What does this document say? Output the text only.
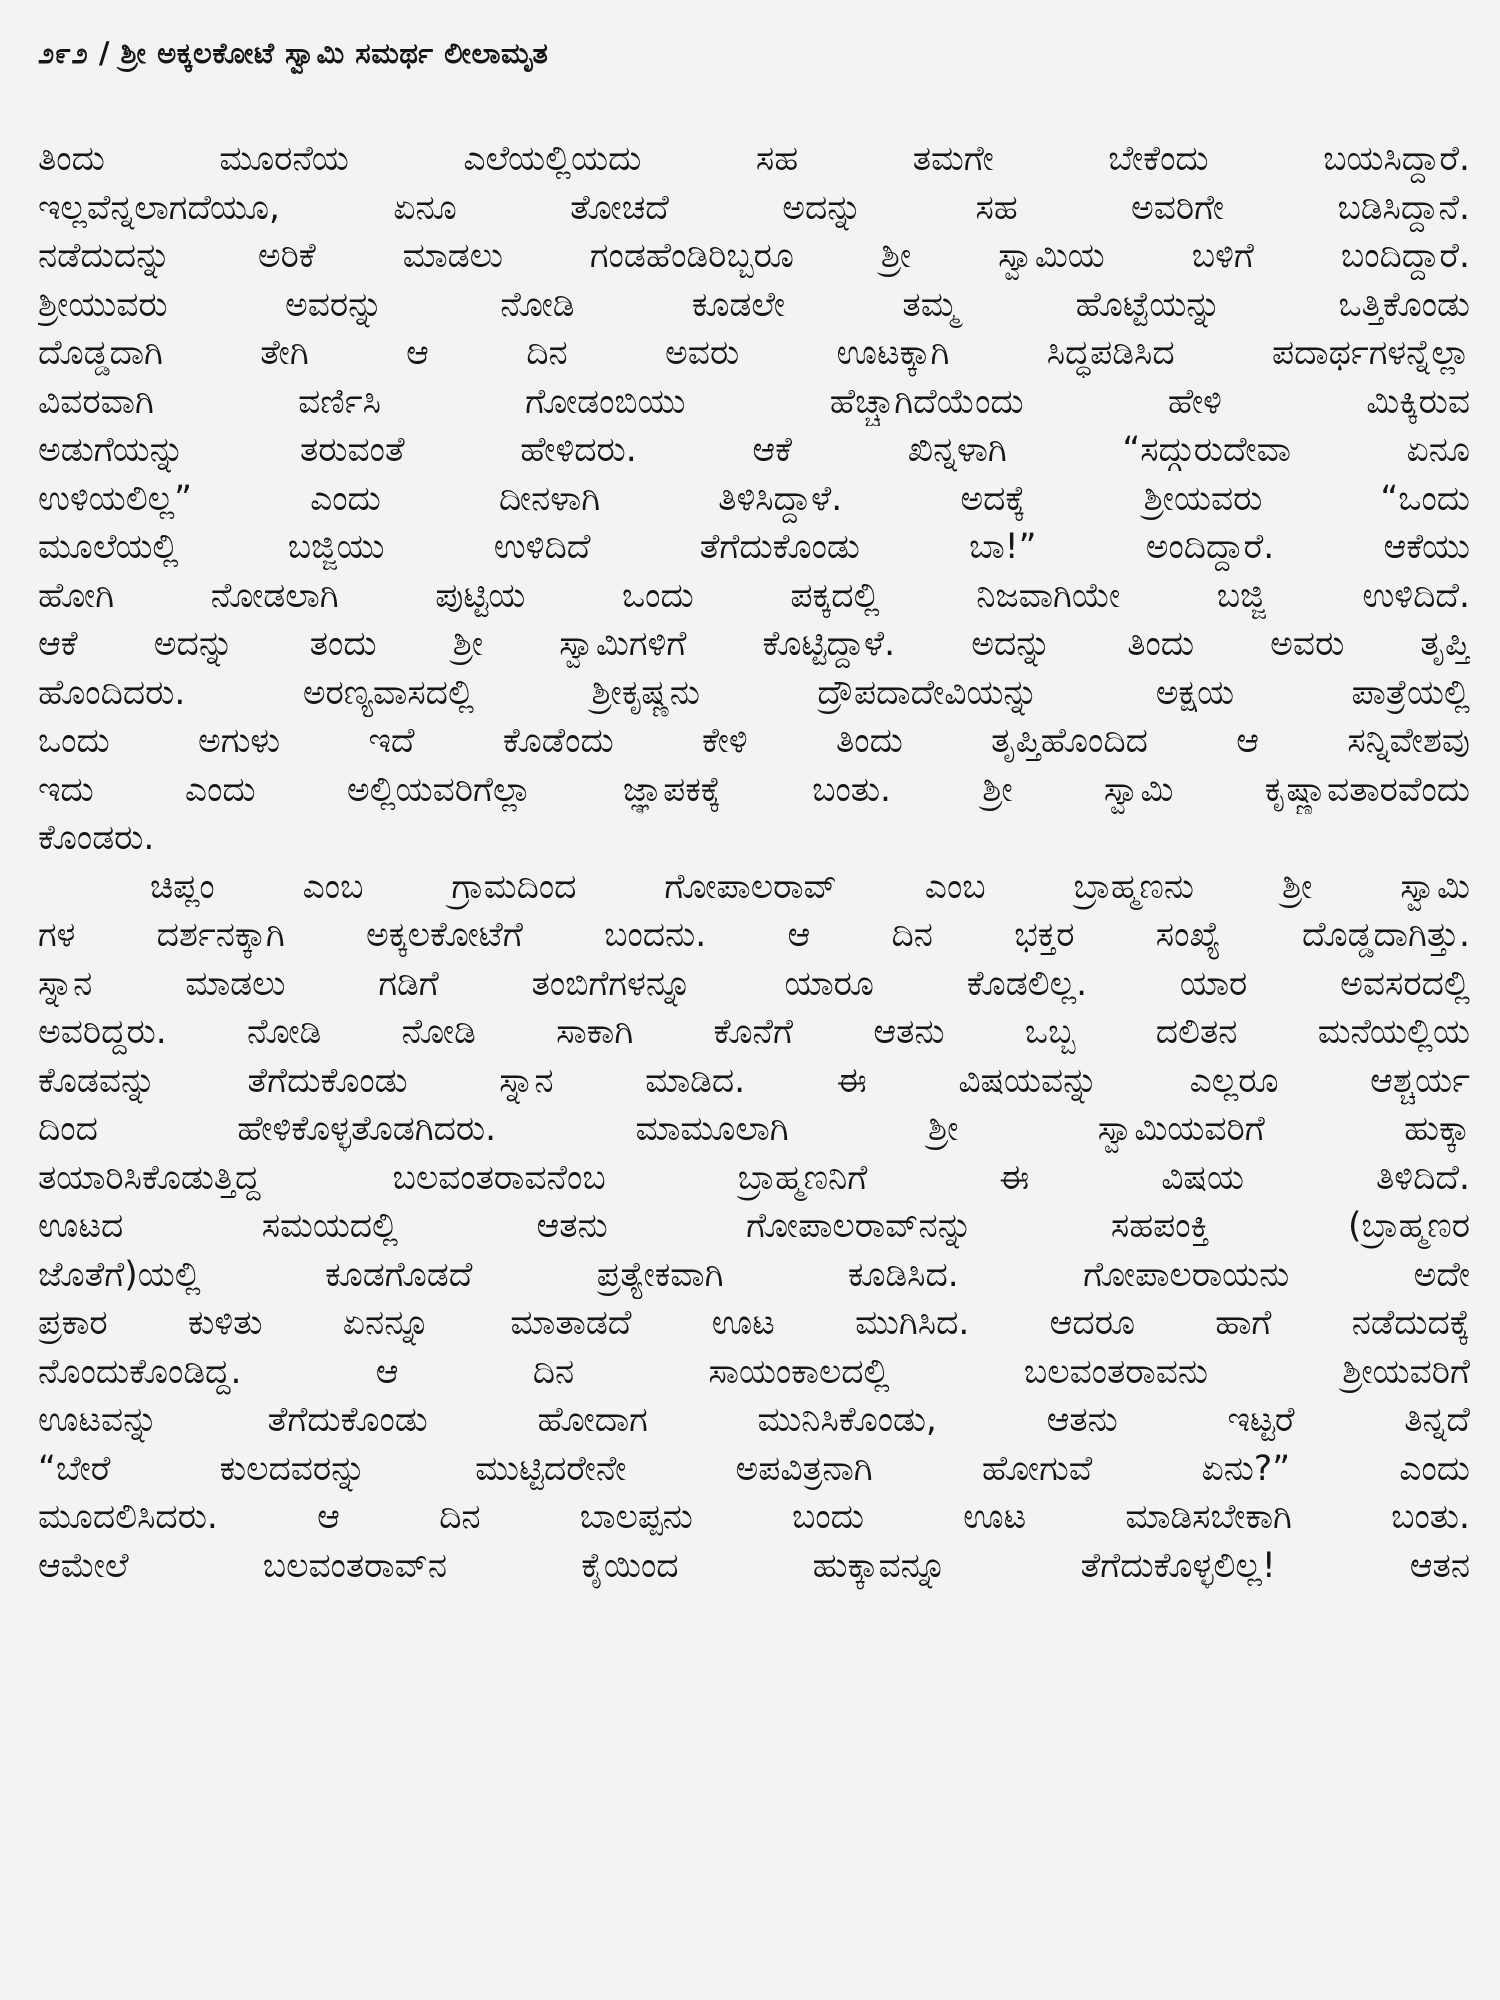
೨೯೨ / ಶ್ರೀ ಅಕ್ಕಲಕೋಟೆ ಸ್ವಾಮಿ ಸಮರ್ಥ ಲೀಲಾಮೃತ

ತಿಂದು ಮೂರನೆಯ ಎಲೆಯಲ್ಲಿಯದು ಸಹ ತಮಗೇ ಬೇಕೆಂದು ಬಯಸಿದ್ದಾರೆ.

ಇಲ್ಲವೆನ್ನಲಾಗದೆಯೂ, ಏನೂ ತೋಚದೆ ಅದನ್ನು ಸಹ ಅವರಿಗೇ ಬಡಿಸಿದ್ದಾನೆ.

ನಡೆದುದನ್ನು ಅರಿಕೆ ಮಾಡಲು ಗಂಡಹೆಂಡಿರಿಬ್ಬರೂ ಶ್ರೀ ಸ್ವಾಮಿಯ ಬಳಿಗೆ ಬಂದಿದ್ದಾರೆ.

ಶ್ರೀಯುವರು ಅವರನ್ನು ನೋಡಿ ಕೂಡಲೇ ತಮ್ಮ ಹೊಟ್ಟೆಯನ್ನು ಒತ್ತಿಕೊಂಡು

ದೊಡ್ಡದಾಗಿ ತೇಗಿ ಆ ದಿನ ಅವರು ಊಟಕ್ಕಾಗಿ ಸಿದ್ಧಪಡಿಸಿದ ಪದಾರ್ಥಗಳನ್ನೆಲ್ಲಾ

ವಿವರವಾಗಿ ವರ್ಣಿಸಿ ಗೋಡಂಬಿಯು ಹೆಚ್ಚಾಗಿದೆಯೆಂದು ಹೇಳಿ ಮಿಕ್ಕಿರುವ

ಅಡುಗೆಯನ್ನು ತರುವಂತೆ ಹೇಳಿದರು. ಆಕೆ ಖಿನ್ನಳಾಗಿ “ಸದ್ಗುರುದೇವಾ ಏನೂ

ಉಳಿಯಲಿಲ್ಲ” ಎಂದು ದೀನಳಾಗಿ ತಿಳಿಸಿದ್ದಾಳೆ. ಅದಕ್ಕೆ ಶ್ರೀಯವರು “ಒಂದು

ಮೂಲೆಯಲ್ಲಿ ಬಜ್ಜಿಯು ಉಳಿದಿದೆ ತೆಗೆದುಕೊಂಡು ಬಾ!” ಅಂದಿದ್ದಾರೆ. ಆಕೆಯು

ಹೋಗಿ ನೋಡಲಾಗಿ ಪುಟ್ಟಿಯ ಒಂದು ಪಕ್ಕದಲ್ಲಿ ನಿಜವಾಗಿಯೇ ಬಜ್ಜಿ ಉಳಿದಿದೆ.

ಆಕೆ ಅದನ್ನು ತಂದು ಶ್ರೀ ಸ್ವಾಮಿಗಳಿಗೆ ಕೊಟ್ಟಿದ್ದಾಳೆ. ಅದನ್ನು ತಿಂದು ಅವರು ತೃಪ್ತಿ

ಹೊಂದಿದರು. ಅರಣ್ಯವಾಸದಲ್ಲಿ ಶ್ರೀಕೃಷ್ಣನು ದ್ರೌಪದಾದೇವಿಯನ್ನು ಅಕ್ಷಯ ಪಾತ್ರೆಯಲ್ಲಿ

ಒಂದು ಅಗುಳು ಇದೆ ಕೊಡೆಂದು ಕೇಳಿ ತಿಂದು ತೃಪ್ತಿಹೊಂದಿದ ಆ ಸನ್ನಿವೇಶವು

ಇದು ಎಂದು ಅಲ್ಲಿಯವರಿಗೆಲ್ಲಾ ಜ್ಞಾಪಕಕ್ಕೆ ಬಂತು. ಶ್ರೀ ಸ್ವಾಮಿ ಕೃಷ್ಣಾವತಾರವೆಂದು

ಕೊಂಡರು.

ಚಿಪ್ಲಂ ಎಂಬ ಗ್ರಾಮದಿಂದ ಗೋಪಾಲರಾವ್ ಎಂಬ ಬ್ರಾಹ್ಮಣನು ಶ್ರೀ ಸ್ವಾಮಿ

ಗಳ ದರ್ಶನಕ್ಕಾಗಿ ಅಕ್ಕಲಕೋಟೆಗೆ ಬಂದನು. ಆ ದಿನ ಭಕ್ತರ ಸಂಖ್ಯೆ ದೊಡ್ಡದಾಗಿತ್ತು.

ಸ್ನಾನ ಮಾಡಲು ಗಡಿಗೆ ತಂಬಿಗೆಗಳನ್ನೂ ಯಾರೂ ಕೊಡಲಿಲ್ಲ. ಯಾರ ಅವಸರದಲ್ಲಿ

ಅವರಿದ್ದರು. ನೋಡಿ ನೋಡಿ ಸಾಕಾಗಿ ಕೊನೆಗೆ ಆತನು ಒಬ್ಬ ದಲಿತನ ಮನೆಯಲ್ಲಿಯ

ಕೊಡವನ್ನು ತೆಗೆದುಕೊಂಡು ಸ್ನಾನ ಮಾಡಿದ. ಈ ವಿಷಯವನ್ನು ಎಲ್ಲರೂ ಆಶ್ಚರ್ಯ

ದಿಂದ ಹೇಳಿಕೊಳ್ಳತೊಡಗಿದರು. ಮಾಮೂಲಾಗಿ ಶ್ರೀ ಸ್ವಾಮಿಯವರಿಗೆ ಹುಕ್ಕಾ

ತಯಾರಿಸಿಕೊಡುತ್ತಿದ್ದ ಬಲವಂತರಾವನೆಂಬ ಬ್ರಾಹ್ಮಣನಿಗೆ ಈ ವಿಷಯ ತಿಳಿದಿದೆ.

ಊಟದ ಸಮಯದಲ್ಲಿ ಆತನು ಗೋಪಾಲರಾವ್‌ನನ್ನು ಸಹಪಂಕ್ತಿ (ಬ್ರಾಹ್ಮಣರ

ಜೊತೆಗೆ)ಯಲ್ಲಿ ಕೂಡಗೊಡದೆ ಪ್ರತ್ಯೇಕವಾಗಿ ಕೂಡಿಸಿದ. ಗೋಪಾಲರಾಯನು ಅದೇ

ಪ್ರಕಾರ ಕುಳಿತು ಏನನ್ನೂ ಮಾತಾಡದೆ ಊಟ ಮುಗಿಸಿದ. ಆದರೂ ಹಾಗೆ ನಡೆದುದಕ್ಕೆ

ನೊಂದುಕೊಂಡಿದ್ದ. ಆ ದಿನ ಸಾಯಂಕಾಲದಲ್ಲಿ ಬಲವಂತರಾವನು ಶ್ರೀಯವರಿಗೆ

ಊಟವನ್ನು ತೆಗೆದುಕೊಂಡು ಹೋದಾಗ ಮುನಿಸಿಕೊಂಡು, ಆತನು ಇಟ್ಟರೆ ತಿನ್ನದೆ

“ಬೇರೆ ಕುಲದವರನ್ನು ಮುಟ್ಟಿದರೇನೇ ಅಪವಿತ್ರನಾಗಿ ಹೋಗುವೆ ಏನು?” ಎಂದು

ಮೂದಲಿಸಿದರು. ಆ ದಿನ ಬಾಲಪ್ಪನು ಬಂದು ಊಟ ಮಾಡಿಸಬೇಕಾಗಿ ಬಂತು.

ಆಮೇಲೆ ಬಲವಂತರಾವ್‌ನ ಕೈಯಿಂದ ಹುಕ್ಕಾವನ್ನೂ ತೆಗೆದುಕೊಳ್ಳಲಿಲ್ಲ! ಆತನ
